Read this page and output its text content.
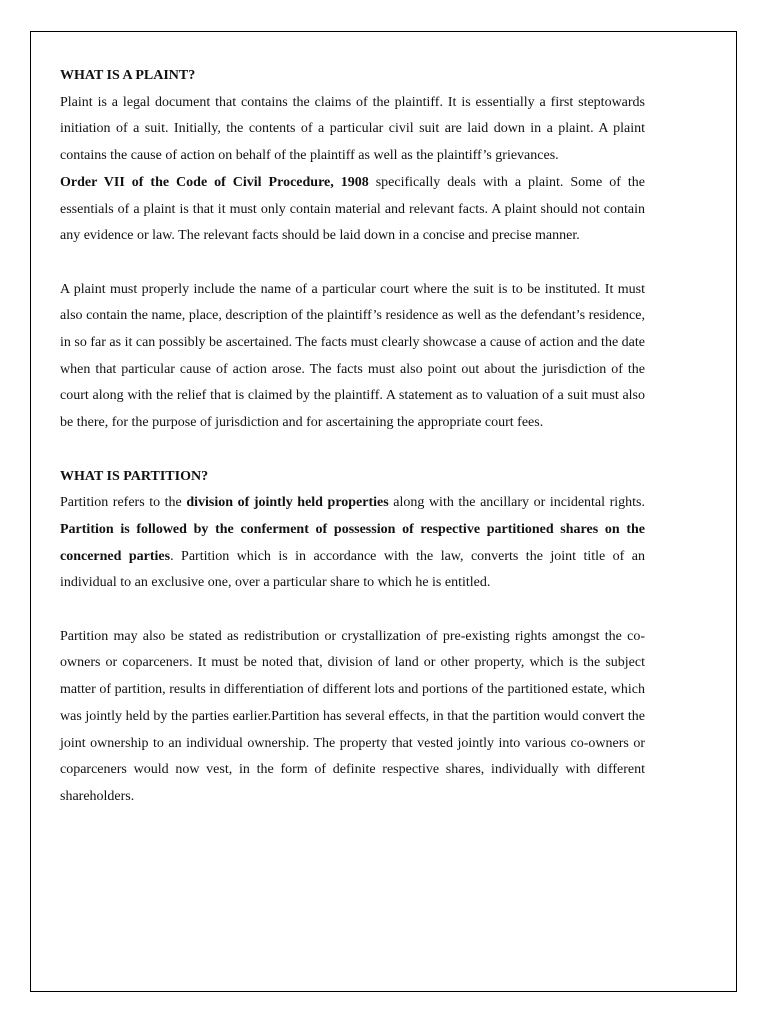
WHAT IS A PLAINT?

Plaint is a legal document that contains the claims of the plaintiff. It is essentially a first steptowards initiation of a suit. Initially, the contents of a particular civil suit are laid down in a plaint. A plaint contains the cause of action on behalf of the plaintiff as well as the plaintiff’s grievances.

Order VII of the Code of Civil Procedure, 1908 specifically deals with a plaint. Some of the essentials of a plaint is that it must only contain material and relevant facts. A plaint should not contain any evidence or law. The relevant facts should be laid down in a concise and precise manner.

A plaint must properly include the name of a particular court where the suit is to be instituted. It must also contain the name, place, description of the plaintiff’s residence as well as the defendant’s residence, in so far as it can possibly be ascertained. The facts must clearly showcase a cause of action and the date when that particular cause of action arose. The facts must also point out about the jurisdiction of the court along with the relief that is claimed by the plaintiff. A statement as to valuation of a suit must also be there, for the purpose of jurisdiction and for ascertaining the appropriate court fees.

WHAT IS PARTITION?

Partition refers to the division of jointly held properties along with the ancillary or incidental rights. Partition is followed by the conferment of possession of respective partitioned shares on the concerned parties. Partition which is in accordance with the law, converts the joint title of an individual to an exclusive one, over a particular share to which he is entitled.

Partition may also be stated as redistribution or crystallization of pre-existing rights amongst the co-owners or coparceners. It must be noted that, division of land or other property, which is the subject matter of partition, results in differentiation of different lots and portions of the partitioned estate, which was jointly held by the parties earlier.Partition has several effects, in that the partition would convert the joint ownership to an individual ownership. The property that vested jointly into various co-owners or coparceners would now vest, in the form of definite respective shares, individually with different shareholders.
